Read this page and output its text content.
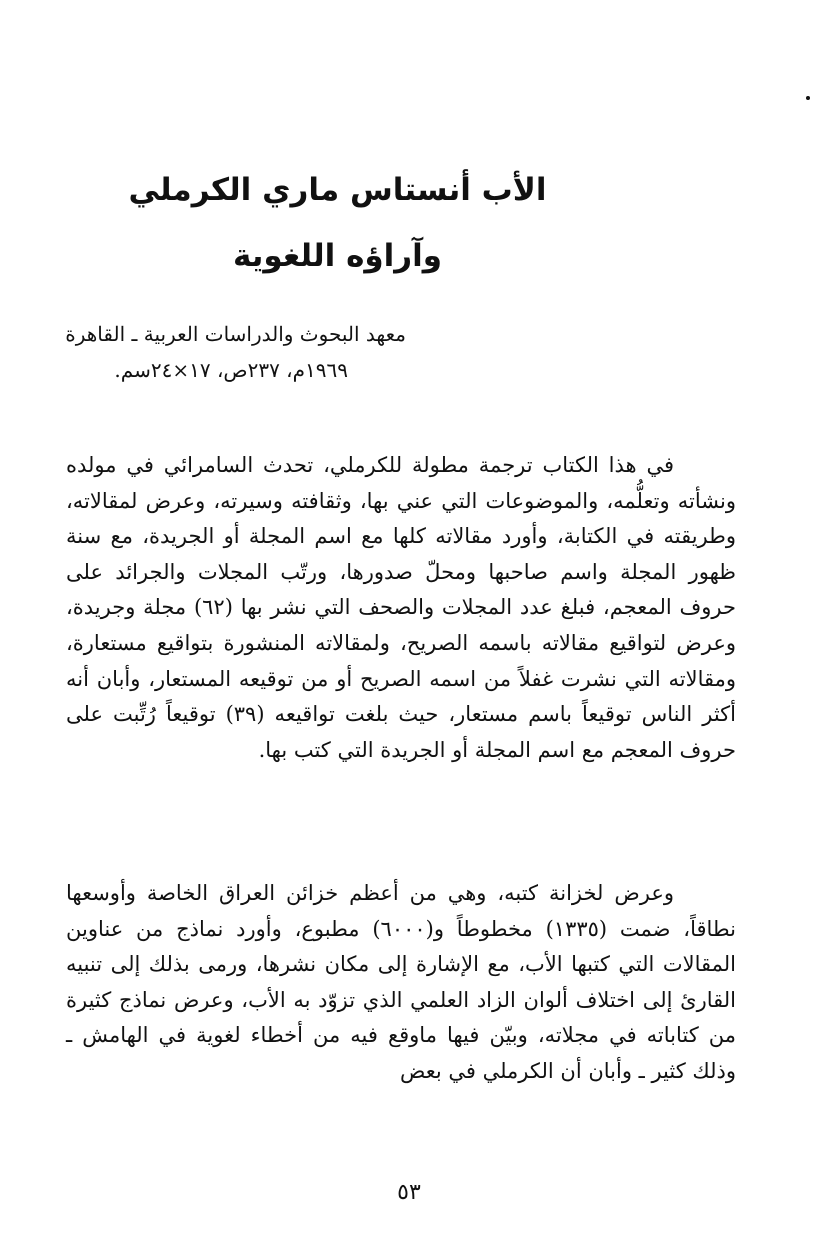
الأب أنستاس ماري الكرملي
وآراؤه اللغوية
معهد البحوث والدراسات العربية ـ القاهرة
١٩٦٩م، ٢٣٧ص، ١٧×٢٤سم.

في هذا الكتاب ترجمة مطولة للكرملي، تحدث السامرائي في مولده ونشأته وتعلُّمه، والموضوعات التي عني بها، وثقافته وسيرته، وعرض لمقالاته، وطريقته في الكتابة، وأورد مقالاته كلها مع اسم المجلة أو الجريدة، مع سنة ظهور المجلة واسم صاحبها ومحلّ صدورها، ورتّب المجلات والجرائد على حروف المعجم، فبلغ عدد المجلات والصحف التي نشر بها (٦٢) مجلة وجريدة، وعرض لتواقيع مقالاته باسمه الصريح، ولمقالاته المنشورة بتواقيع مستعارة، ومقالاته التي نشرت غفلاً من اسمه الصريح أو من توقيعه المستعار، وأبان أنه أكثر الناس توقيعاً باسم مستعار، حيث بلغت تواقيعه (٣٩) توقيعاً رُتِّبت على حروف المعجم مع اسم المجلة أو الجريدة التي كتب بها.

وعرض لخزانة كتبه، وهي من أعظم خزائن العراق الخاصة وأوسعها نطاقاً، ضمت (١٣٣٥) مخطوطاً و(٦٠٠٠) مطبوع، وأورد نماذج من عناوين المقالات التي كتبها الأب، مع الإشارة إلى مكان نشرها، ورمى بذلك إلى تنبيه القارئ إلى اختلاف ألوان الزاد العلمي الذي تزوّد به الأب، وعرض نماذج كثيرة من كتاباته في مجلاته، وبيّن فيها ماوقع فيه من أخطاء لغوية في الهامش ـ وذلك كثير ـ وأبان أن الكرملي في بعض

٥٣
